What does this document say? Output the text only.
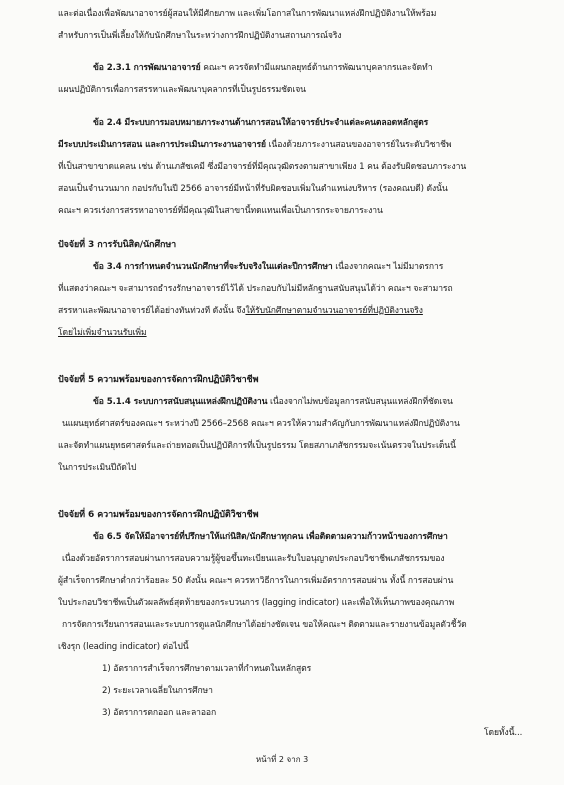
และต่อเนื่องเพื่อพัฒนาอาจารย์ผู้สอนให้มีศักยภาพ และเพิ่มโอกาสในการพัฒนาแหล่งฝึกปฏิบัติงานให้พร้อม
สำหรับการเป็นพี่เลี้ยงให้กับนักศึกษาในระหว่างการฝึกปฏิบัติงานสถานการณ์จริง
ข้อ 2.3.1 การพัฒนาอาจารย์ คณะฯ ควรจัดทำมีแผนกลยุทธ์ด้านการพัฒนาบุคลากรและจัดทำ
แผนปฏิบัติการเพื่อการสรรหาและพัฒนาบุคลากรที่เป็นรูปธรรมชัดเจน
ข้อ 2.4 มีระบบการมอบหมายภาระงานด้านการสอนให้อาจารย์ประจำแต่ละคนตลอดหลักสูตร
มีระบบประเมินการสอน และการประเมินภาระงานอาจารย์ เนื่องด้วยภาระงานสอนของอาจารย์ในระดับวิชาชีพ
ที่เป็นสาขาขาดแคลน เช่น ด้านเภสัชเคมี ซึ่งมีอาจารย์ที่มีคุณวุฒิตรงตามสาขาเพียง 1 คน ต้องรับผิดชอบภาระงาน
สอนเป็นจำนวนมาก กอปรกับในปี 2566 อาจารย์มีหน้าที่รับผิดชอบเพิ่มในตำแหน่งบริหาร (รองคณบดี) ดังนั้น
คณะฯ ควรเร่งการสรรหาอาจารย์ที่มีคุณวุฒิในสาขานี้ทดแทนเพื่อเป็นการกระจายภาระงาน
ปัจจัยที่ 3 การรับนิสิต/นักศึกษา
ข้อ 3.4 การกำหนดจำนวนนักศึกษาที่จะรับจริงในแต่ละปีการศึกษา เนื่องจากคณะฯ ไม่มีมาตรการ
ที่แสดงว่าคณะฯ จะสามารถธำรงรักษาอาจารย์ไว้ได้ ประกอบกับไม่มีหลักฐานสนับสนุนได้ว่า คณะฯ จะสามารถ
สรรหาและพัฒนาอาจารย์ได้อย่างทันท่วงที ดังนั้น จึงให้รับนักศึกษาตามจำนวนอาจารย์ที่ปฏิบัติงานจริง
โดยไม่เพิ่มจำนวนรับเพิ่ม
ปัจจัยที่ 5 ความพร้อมของการจัดการฝึกปฏิบัติวิชาชีพ
ข้อ 5.1.4 ระบบการสนับสนุนแหล่งฝึกปฏิบัติงาน เนื่องจากไม่พบข้อมูลการสนับสนุนแหล่งฝึกที่ชัดเจน
นแผนยุทธ์ศาสตร์ของคณะฯ ระหว่างปี 2566–2568 คณะฯ ควรให้ความสำคัญกับการพัฒนาแหล่งฝึกปฏิบัติงาน
และจัดทำแผนยุทธศาสตร์และถ่ายทอดเป็นปฏิบัติการที่เป็นรูปธรรม โดยสภาเภสัชกรรมจะเน้นตรวจในประเด็นนี้
ในการประเมินปีถัดไป
ปัจจัยที่ 6 ความพร้อมของการจัดการฝึกปฏิบัติวิชาชีพ
ข้อ 6.5 จัดให้มีอาจารย์ที่ปรึกษาให้แก่นิสิต/นักศึกษาทุกคน เพื่อติดตามความก้าวหน้าของการศึกษา
เนื่องด้วยอัตราการสอบผ่านการสอบความรู้ผู้ขอขึ้นทะเบียนและรับใบอนุญาตประกอบวิชาชีพเภสัชกรรมของ
ผู้สำเร็จการศึกษาต่ำกว่าร้อยละ 50 ดังนั้น คณะฯ ควรหาวิธีการในการเพิ่มอัตราการสอบผ่าน ทั้งนี้ การสอบผ่าน
ใบประกอบวิชาชีพเป็นตัวผลลัพธ์สุดท้ายของกระบวนการ (lagging indicator) และเพื่อให้เห็นภาพของคุณภาพ
การจัดการเรียนการสอนและระบบการดูแลนักศึกษาได้อย่างชัดเจน ขอให้คณะฯ ติดตามและรายงานข้อมูลตัวชี้วัด
เชิงรุก (leading indicator) ต่อไปนี้
1) อัตราการสำเร็จการศึกษาตามเวลาที่กำหนดในหลักสูตร
2) ระยะเวลาเฉลี่ยในการศึกษา
3) อัตราการตกออก และลาออก
โดยทั้งนี้...
หน้าที่ 2 จาก 3
